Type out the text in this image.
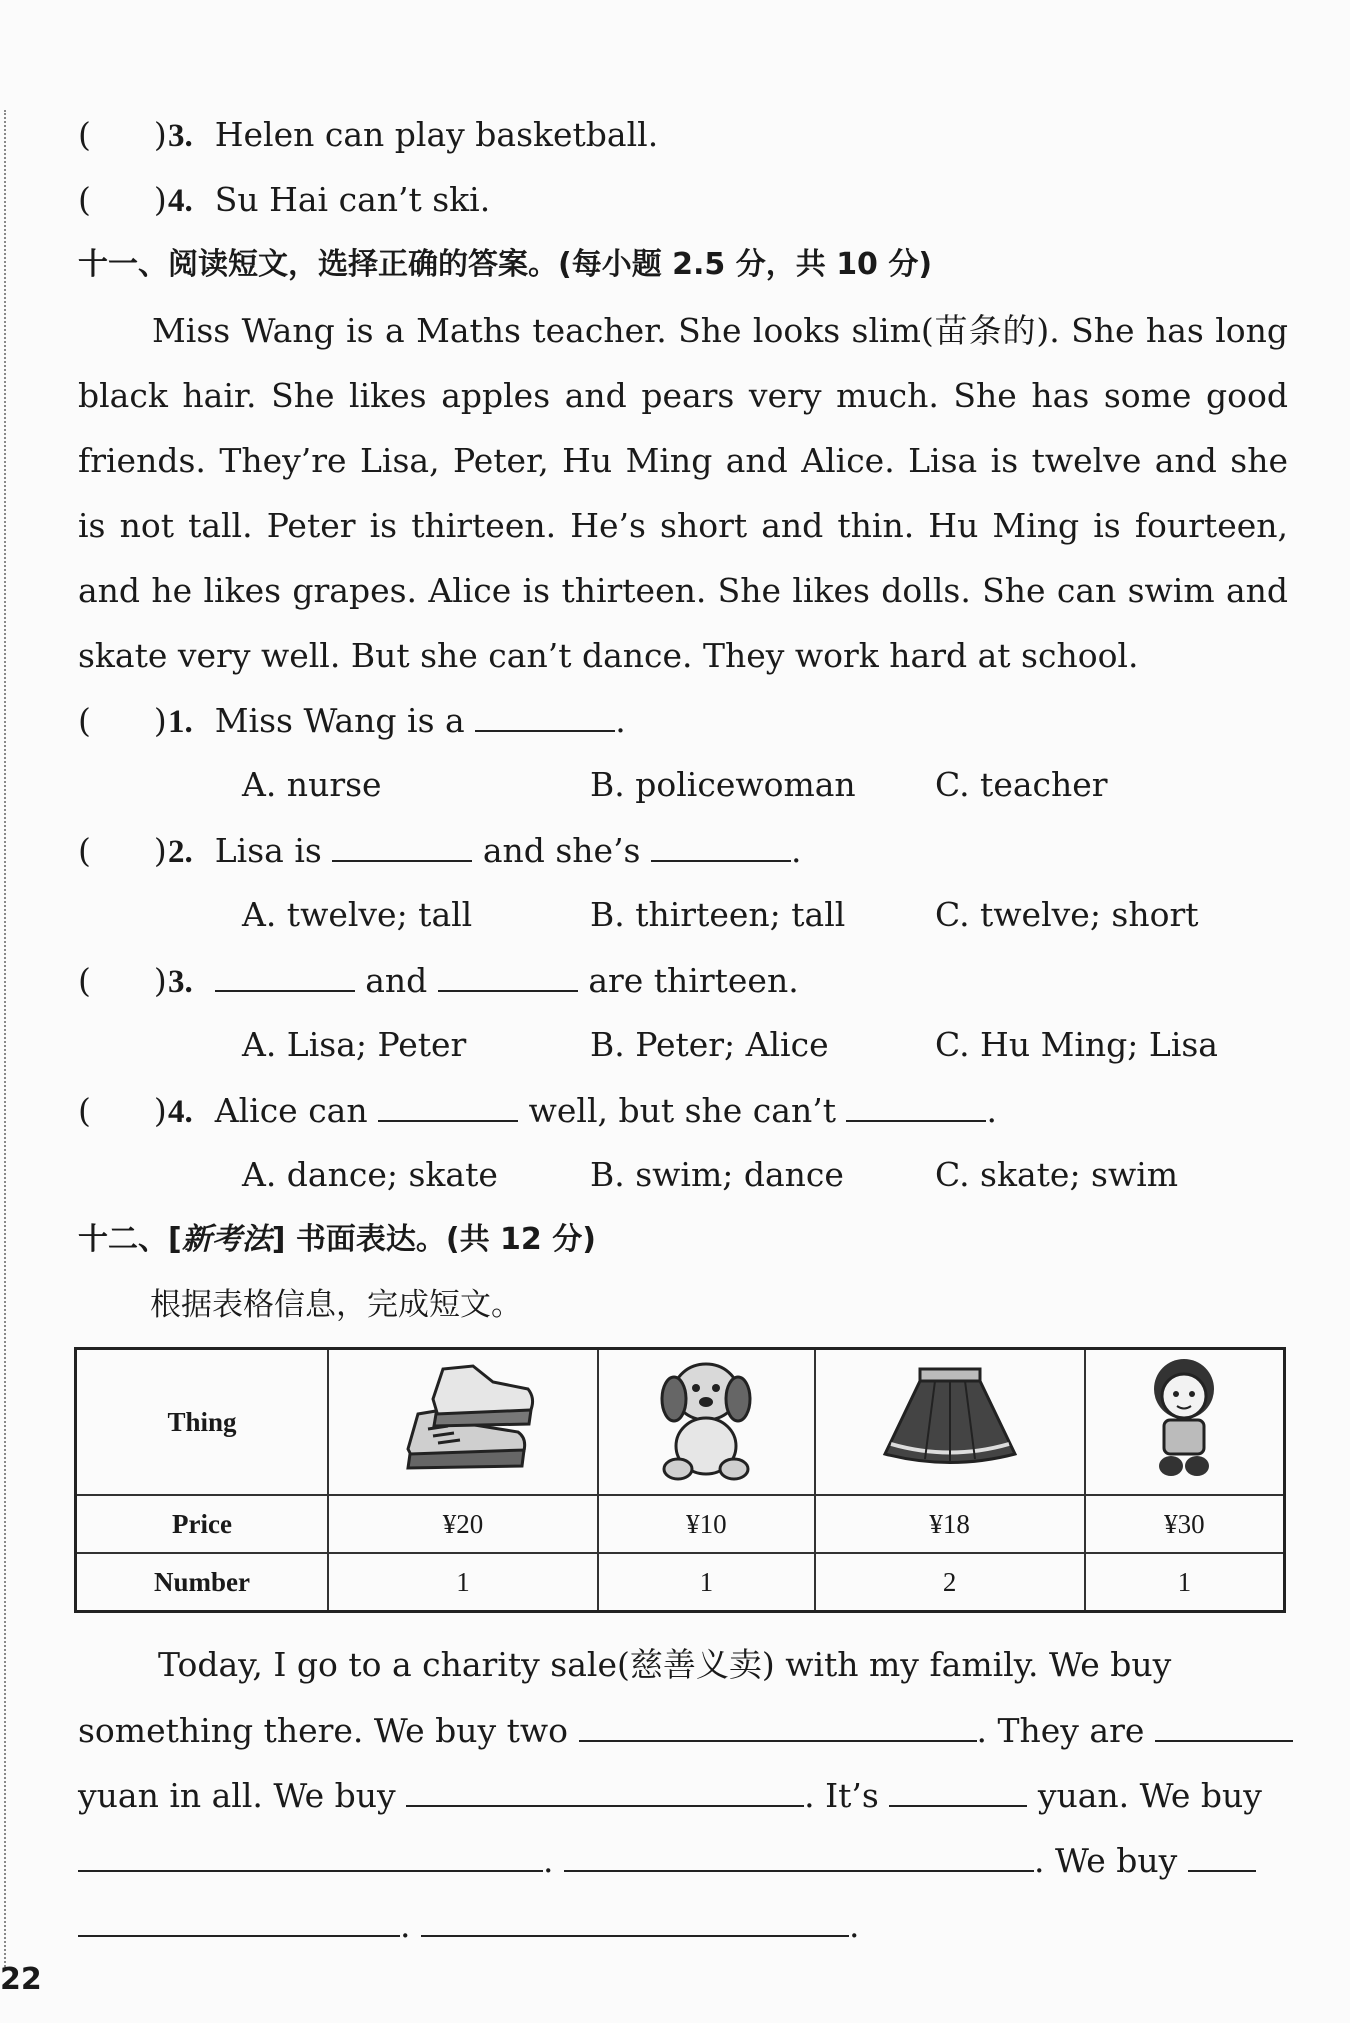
( )3. Helen can play basketball.
( )4. Su Hai can’t ski.
十一、阅读短文，选择正确的答案。(每小题 2.5 分，共 10 分)
Miss Wang is a Maths teacher. She looks slim(苗条的). She has long black hair. She likes apples and pears very much. She has some good friends. They’re Lisa, Peter, Hu Ming and Alice. Lisa is twelve and she is not tall. Peter is thirteen. He’s short and thin. Hu Ming is fourteen, and he likes grapes. Alice is thirteen. She likes dolls. She can swim and skate very well. But she can’t dance. They work hard at school.
(      )1. Miss Wang is a	.
A. nurse	B. policewoman C. teacher
(      )2. Lisa is	and she’s	.
A. twelve; tall	B. thirteen; tall	C. twelve; short
(      )3.	and	are thirteen.
A. Lisa; Peter	B. Peter; Alice	C. Hu Ming; Lisa
(      )4. Alice can	well, but she can’t	.
A. dance; skate	B. swim; dance	C. skate; swim
十二、[新考法] 书面表达。(共 12 分)
根据表格信息，完成短文。
Thing				
Price	¥20	¥10	¥18	¥30
Number	1	1	2	1
Today, I go to a charity sale(慈善义卖) with my family. We buy
something there. We buy two	. They are
yuan in all. We buy	. It’s	yuan. We buy
.	. We buy
.	.
22
